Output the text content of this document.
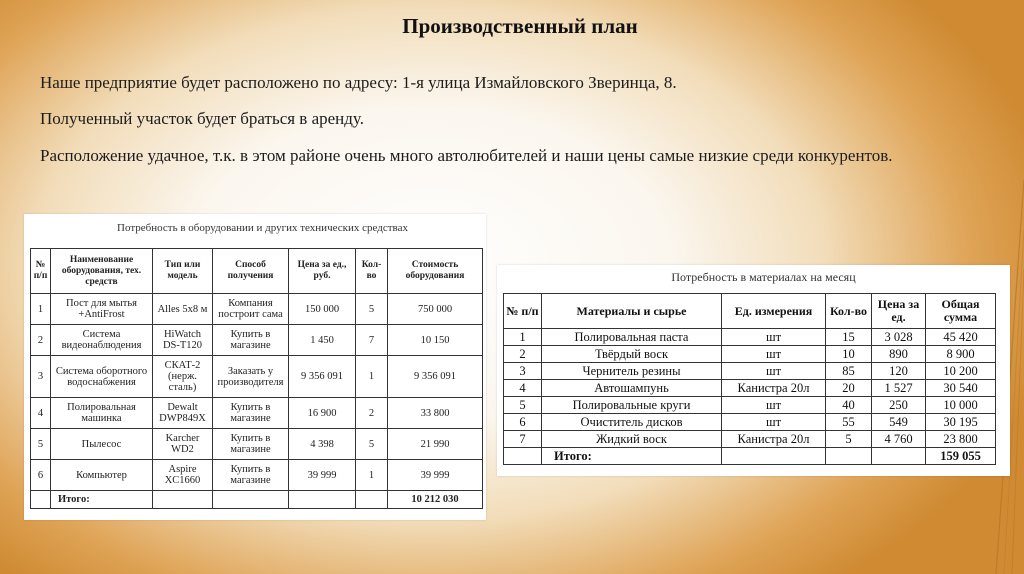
Производственный план
Наше предприятие будет расположено по адресу: 1-я улица Измайловского Зверинца, 8.
Полученный участок будет браться в аренду.
Расположение удачное, т.к. в этом районе очень много автолюбителей и наши цены самые низкие среди конкурентов.
Потребность в оборудовании и других технических средствах
№ п/п	Наименование оборудования, тех. средств	Тип или модель	Способ получения	Цена за ед., руб.	Кол-во	Стоимость оборудования
1	Пост для мытья +AntiFrost	Alles 5x8 м	Компания построит сама	150 000	5	750 000
2	Система видеонаблюдения	HiWatch DS-T120	Купить в магазине	1 450	7	10 150
3	Система оборотного водоснабжения	СКАТ-2 (нерж. сталь)	Заказать у производителя	9 356 091	1	9 356 091
4	Полировальная машинка	Dewalt DWP849X	Купить в магазине	16 900	2	33 800
5	Пылесос	Karcher WD2	Купить в магазине	4 398	5	21 990
6	Компьютер	Aspire XC1660	Купить в магазине	39 999	1	39 999
	Итого:					10 212 030
Потребность в материалах на месяц
№ п/п	Материалы и сырье	Ед. измерения	Кол-во	Цена за ед.	Общая сумма
1	Полировальная паста	шт	15	3 028	45 420
2	Твёрдый воск	шт	10	890	8 900
3	Чернитель резины	шт	85	120	10 200
4	Автошампунь	Канистра 20л	20	1 527	30 540
5	Полировальные круги	шт	40	250	10 000
6	Очиститель дисков	шт	55	549	30 195
7	Жидкий воск	Канистра 20л	5	4 760	23 800
	Итого:				159 055
